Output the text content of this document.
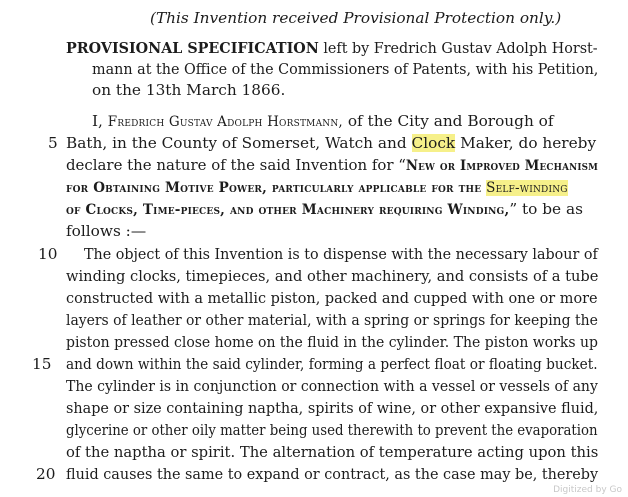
(This Invention received Provisional Protection only.)
PROVISIONAL SPECIFICATION left by Fredrich Gustav Adolph Horst-
mann at the Office of the Commissioners of Patents, with his Petition,
on the 13th March 1866.
I, Fredrich Gustav Adolph Horstmann, of the City and Borough of
5 Bath, in the County of Somerset, Watch and Clock Maker, do hereby
declare the nature of the said Invention for “New or Improved Mechanism
for Obtaining Motive Power, particularly applicable for the Self-winding
of Clocks, Time-pieces, and other Machinery requiring Winding,” to be as
follows :—
10 The object of this Invention is to dispense with the necessary labour of
winding clocks, timepieces, and other machinery, and consists of a tube
constructed with a metallic piston, packed and cupped with one or more
layers of leather or other material, with a spring or springs for keeping the
piston pressed close home on the fluid in the cylinder. The piston works up
15 and down within the said cylinder, forming a perfect float or floating bucket.
The cylinder is in conjunction or connection with a vessel or vessels of any
shape or size containing naptha, spirits of wine, or other expansive fluid,
glycerine or other oily matter being used therewith to prevent the evaporation
of the naptha or spirit. The alternation of temperature acting upon this
20 fluid causes the same to expand or contract, as the case may be, thereby
Digitized by Go
